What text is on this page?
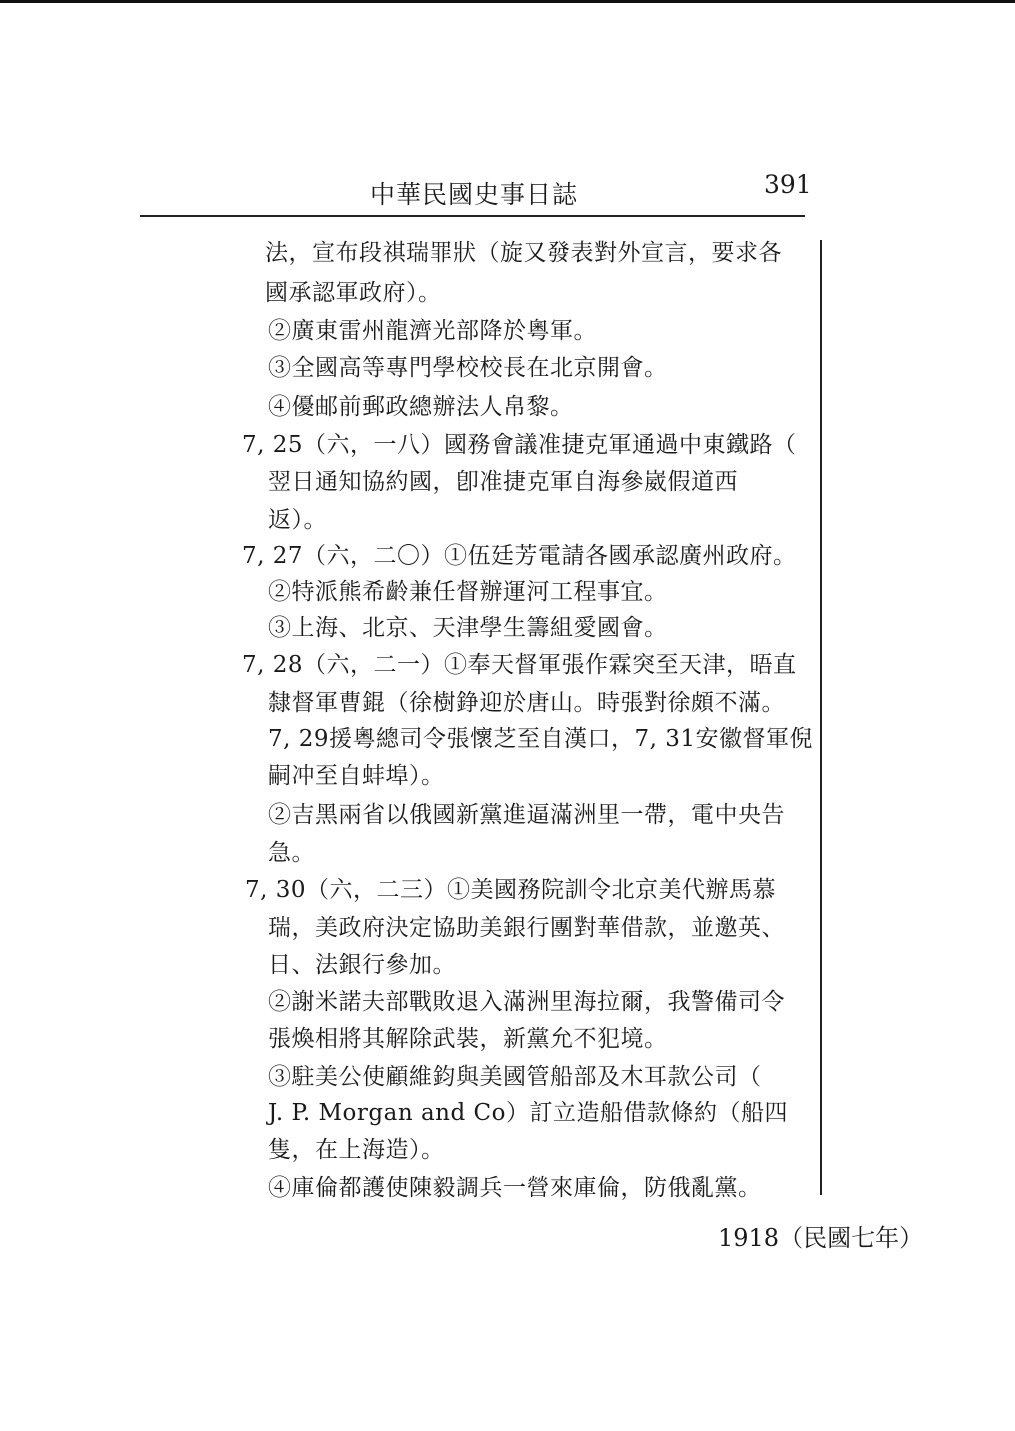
中華民國史事日誌	391
法，宣布段祺瑞罪狀（旋又發表對外宣言，要求各
國承認軍政府）。
②廣東雷州龍濟光部降於粵軍。
③全國高等專門學校校長在北京開會。
④優邮前郵政總辦法人帛黎。
7, 25（六，一八）國務會議准捷克軍通過中東鐵路（
翌日通知協約國，卽准捷克軍自海參崴假道西
返）。
7, 27（六，二〇）①伍廷芳電請各國承認廣州政府。
②特派熊希齡兼任督辦運河工程事宜。
③上海、北京、天津學生籌組愛國會。
7, 28（六，二一）①奉天督軍張作霖突至天津，晤直
隸督軍曹錕（徐樹錚迎於唐山。時張對徐頗不滿。
7, 29援粵總司令張懷芝至自漢口，7, 31安徽督軍倪
嗣冲至自蚌埠）。
②吉黑兩省以俄國新黨進逼滿洲里一帶，電中央告
急。
7, 30（六，二三）①美國務院訓令北京美代辦馬慕
瑞，美政府決定協助美銀行團對華借款，並邀英、
日、法銀行參加。
②謝米諾夫部戰敗退入滿洲里海拉爾，我警備司令
張煥相將其解除武裝，新黨允不犯境。
③駐美公使顧維鈞與美國管船部及木耳款公司（
J. P. Morgan and Co）訂立造船借款條約（船四
隻，在上海造）。
④庫倫都護使陳毅調兵一營來庫倫，防俄亂黨。
1918（民國七年）
